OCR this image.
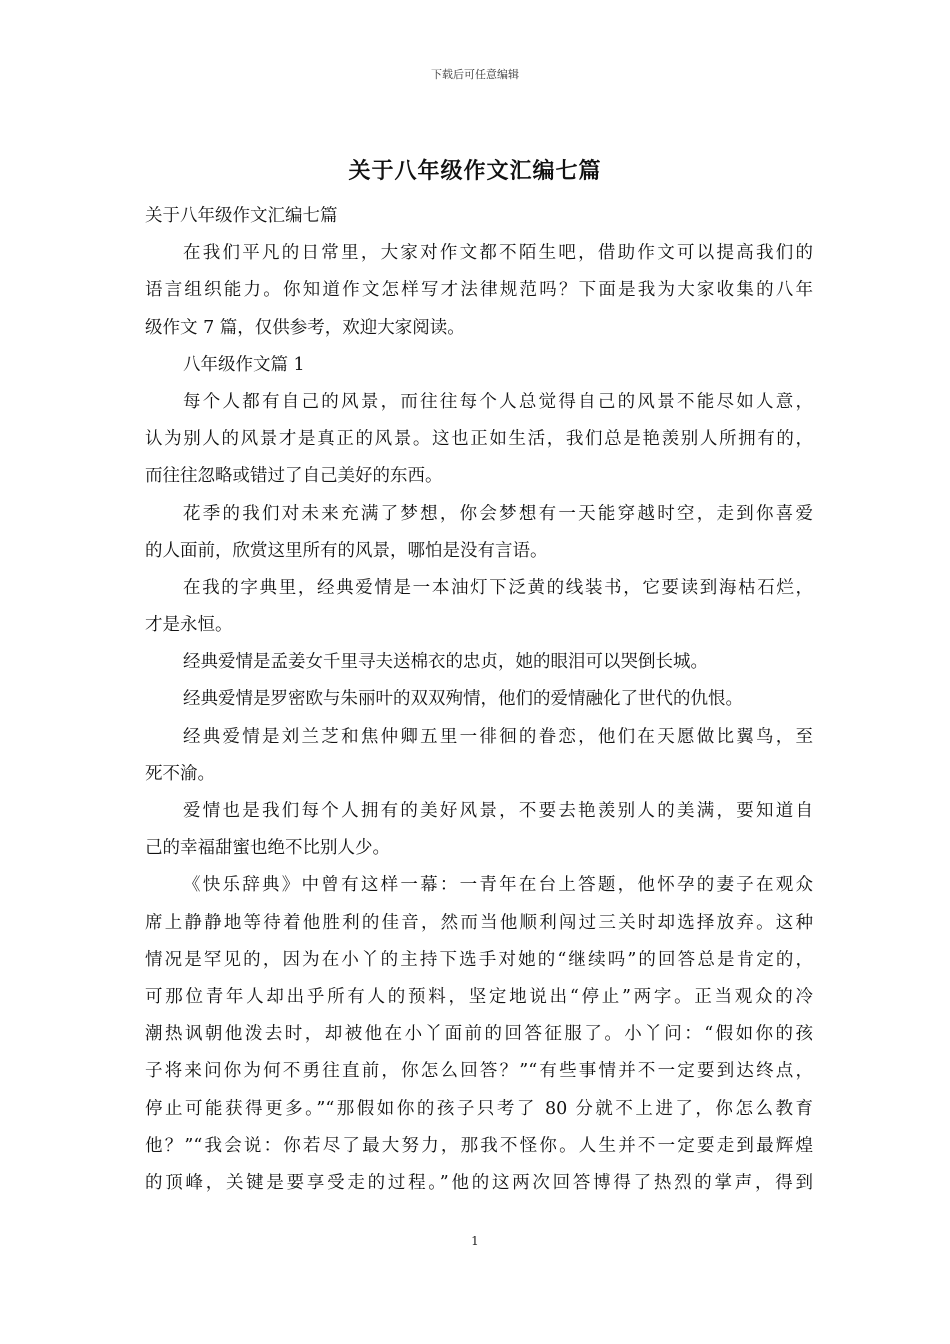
下载后可任意编辑
关于八年级作文汇编七篇
关于八年级作文汇编七篇
在我们平凡的日常里，大家对作文都不陌生吧，借助作文可以提高我们的
语言组织能力。你知道作文怎样写才法律规范吗？下面是我为大家收集的八年
级作文 7 篇，仅供参考，欢迎大家阅读。
八年级作文篇 1
每个人都有自己的风景，而往往每个人总觉得自己的风景不能尽如人意，
认为别人的风景才是真正的风景。这也正如生活，我们总是艳羡别人所拥有的，
而往往忽略或错过了自己美好的东西。
花季的我们对未来充满了梦想，你会梦想有一天能穿越时空，走到你喜爱
的人面前，欣赏这里所有的风景，哪怕是没有言语。
在我的字典里，经典爱情是一本油灯下泛黄的线装书，它要读到海枯石烂，
才是永恒。
经典爱情是孟姜女千里寻夫送棉衣的忠贞，她的眼泪可以哭倒长城。
经典爱情是罗密欧与朱丽叶的双双殉情，他们的爱情融化了世代的仇恨。
经典爱情是刘兰芝和焦仲卿五里一徘徊的眷恋，他们在天愿做比翼鸟，至
死不渝。
爱情也是我们每个人拥有的美好风景，不要去艳羡别人的美满，要知道自
己的幸福甜蜜也绝不比别人少。
《快乐辞典》中曾有这样一幕：一青年在台上答题，他怀孕的妻子在观众
席上静静地等待着他胜利的佳音，然而当他顺利闯过三关时却选择放弃。这种
情况是罕见的，因为在小丫的主持下选手对她的“继续吗”的回答总是肯定的，
可那位青年人却出乎所有人的预料，坚定地说出“停止”两字。正当观众的冷
潮热讽朝他泼去时，却被他在小丫面前的回答征服了。小丫问：“假如你的孩
子将来问你为何不勇往直前，你怎么回答？”“有些事情并不一定要到达终点，
停止可能获得更多。”“那假如你的孩子只考了 80 分就不上进了，你怎么教育
他？”“我会说：你若尽了最大努力，那我不怪你。人生并不一定要走到最辉煌
的顶峰，关键是要享受走的过程。”他的这两次回答博得了热烈的掌声，得到
1
